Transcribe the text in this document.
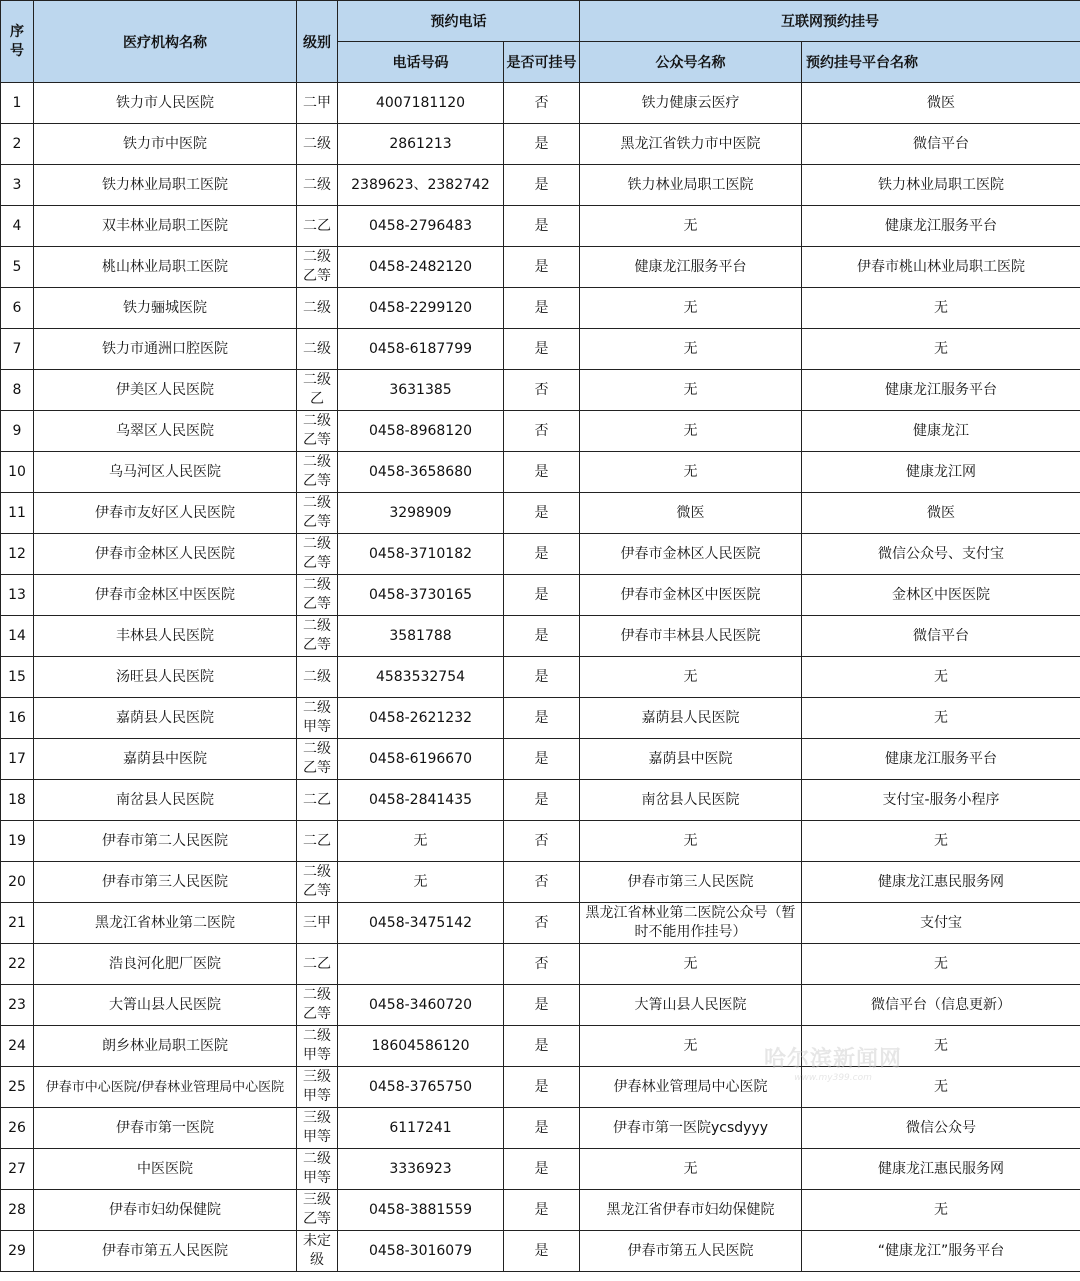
序号	医疗机构名称	级别	预约电话		互联网预约挂号	
			电话号码	是否可挂号	公众号名称	预约挂号平台名称
1	铁力市人民医院	二甲	4007181120	否	铁力健康云医疗	微医
2	铁力市中医院	二级	2861213	是	黑龙江省铁力市中医院	微信平台
3	铁力林业局职工医院	二级	2389623、2382742	是	铁力林业局职工医院	铁力林业局职工医院
4	双丰林业局职工医院	二乙	0458-2796483	是	无	健康龙江服务平台
5	桃山林业局职工医院	二级乙等	0458-2482120	是	健康龙江服务平台	伊春市桃山林业局职工医院
6	铁力骊城医院	二级	0458-2299120	是	无	无
7	铁力市通洲口腔医院	二级	0458-6187799	是	无	无
8	伊美区人民医院	二级乙	3631385	否	无	健康龙江服务平台
9	乌翠区人民医院	二级乙等	0458-8968120	否	无	健康龙江
10	乌马河区人民医院	二级乙等	0458-3658680	是	无	健康龙江网
11	伊春市友好区人民医院	二级乙等	3298909	是	微医	微医
12	伊春市金林区人民医院	二级乙等	0458-3710182	是	伊春市金林区人民医院	微信公众号、支付宝
13	伊春市金林区中医医院	二级乙等	0458-3730165	是	伊春市金林区中医医院	金林区中医医院
14	丰林县人民医院	二级乙等	3581788	是	伊春市丰林县人民医院	微信平台
15	汤旺县人民医院	二级	4583532754	是	无	无
16	嘉荫县人民医院	二级甲等	0458-2621232	是	嘉荫县人民医院	无
17	嘉荫县中医院	二级乙等	0458-6196670	是	嘉荫县中医院	健康龙江服务平台
18	南岔县人民医院	二乙	0458-2841435	是	南岔县人民医院	支付宝-服务小程序
19	伊春市第二人民医院	二乙	无	否	无	无
20	伊春市第三人民医院	二级乙等	无	否	伊春市第三人民医院	健康龙江惠民服务网
21	黑龙江省林业第二医院	三甲	0458-3475142	否	黑龙江省林业第二医院公众号（暂时不能用作挂号）	支付宝
22	浩良河化肥厂医院	二乙		否	无	无
23	大箐山县人民医院	二级乙等	0458-3460720	是	大箐山县人民医院	微信平台（信息更新）
24	朗乡林业局职工医院	二级甲等	18604586120	是	无	无
25	伊春市中心医院/伊春林业管理局中心医院	三级甲等	0458-3765750	是	伊春林业管理局中心医院	无
26	伊春市第一医院	三级甲等	6117241	是	伊春市第一医院ycsdyyy	微信公众号
27	中医医院	二级甲等	3336923	是	无	健康龙江惠民服务网
28	伊春市妇幼保健院	三级乙等	0458-3881559	是	黑龙江省伊春市妇幼保健院	无
29	伊春市第五人民医院	未定级	0458-3016079	是	伊春市第五人民医院	“健康龙江”服务平台
哈尔滨新闻网
www.my399.com
